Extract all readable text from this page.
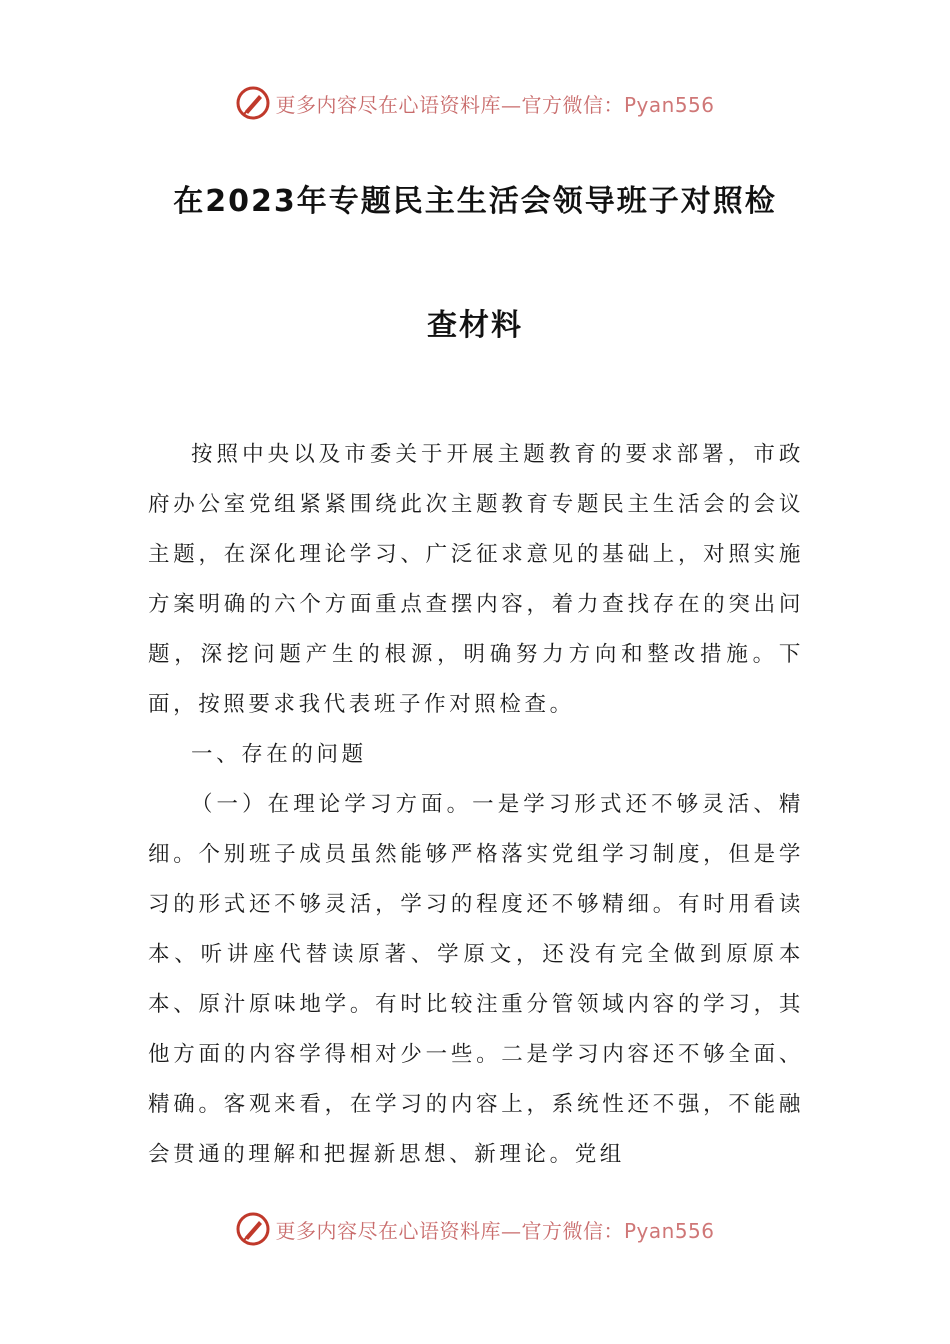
更多内容尽在心语资料库—官方微信：Pyan556
在2023年专题民主生活会领导班子对照检
查材料

按照中央以及市委关于开展主题教育的要求部署，市政府办公室党组紧紧围绕此次主题教育专题民主生活会的会议主题，在深化理论学习、广泛征求意见的基础上，对照实施方案明确的六个方面重点查摆内容，着力查找存在的突出问题，深挖问题产生的根源，明确努力方向和整改措施。下面，按照要求我代表班子作对照检查。

一、存在的问题

（一）在理论学习方面。一是学习形式还不够灵活、精细。个别班子成员虽然能够严格落实党组学习制度，但是学习的形式还不够灵活，学习的程度还不够精细。有时用看读本、听讲座代替读原著、学原文，还没有完全做到原原本本、原汁原味地学。有时比较注重分管领域内容的学习，其他方面的内容学得相对少一些。二是学习内容还不够全面、精确。客观来看，在学习的内容上，系统性还不强，不能融会贯通的理解和把握新思想、新理论。党组

更多内容尽在心语资料库—官方微信：Pyan556
